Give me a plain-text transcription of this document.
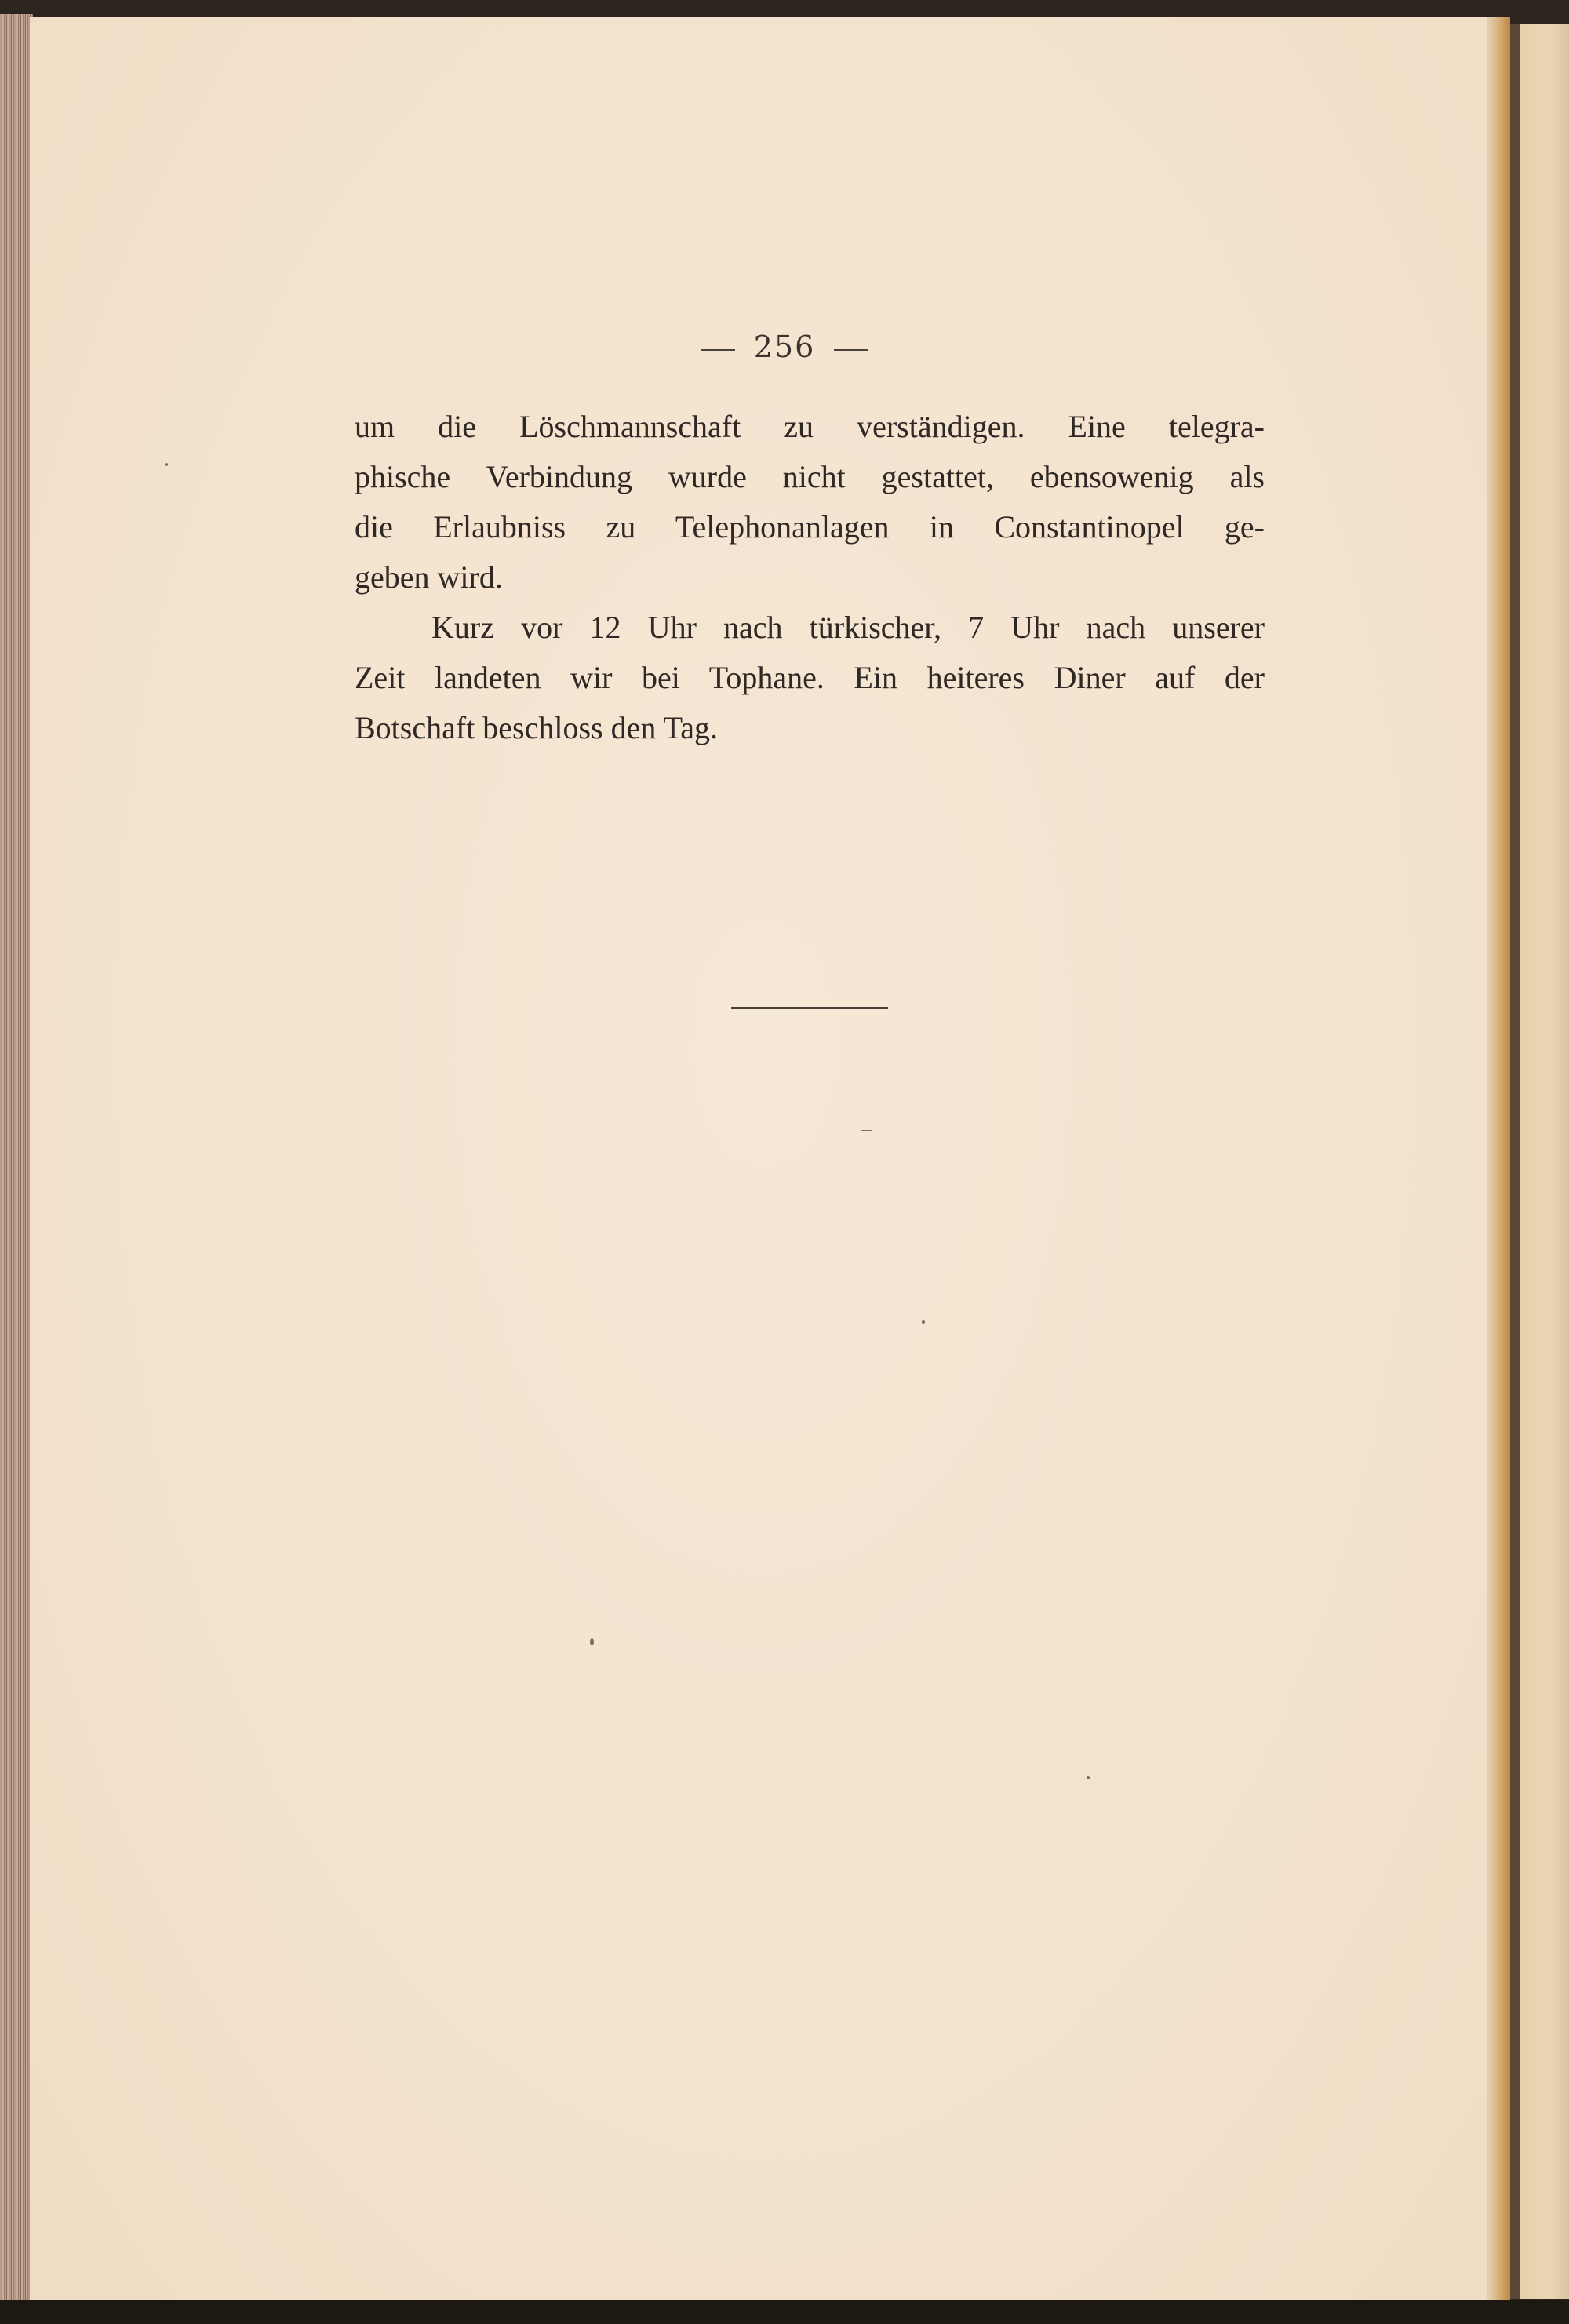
256

um die Löschmannschaft zu verständigen. Eine telegra-
phische Verbindung wurde nicht gestattet, ebensowenig als
die Erlaubniss zu Telephonanlagen in Constantinopel ge-
geben wird.

Kurz vor 12 Uhr nach türkischer, 7 Uhr nach unserer
Zeit landeten wir bei Tophane. Ein heiteres Diner auf der
Botschaft beschloss den Tag.
